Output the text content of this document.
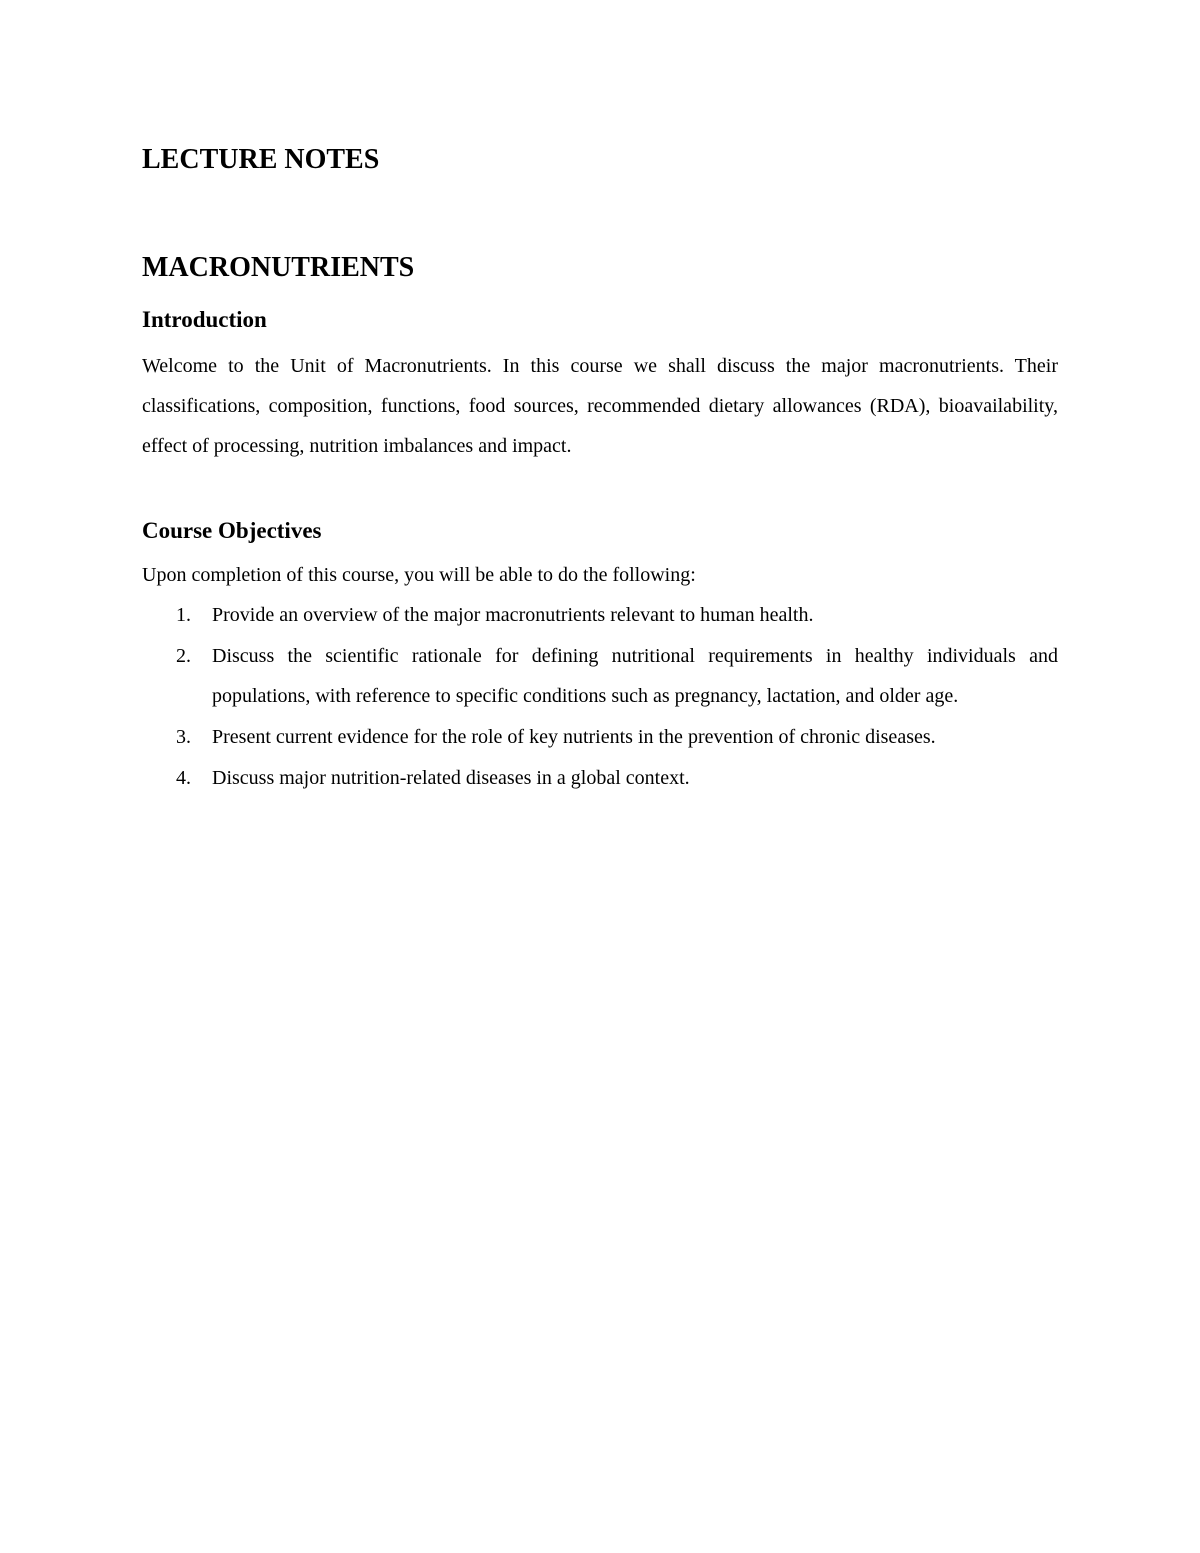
LECTURE NOTES
MACRONUTRIENTS
Introduction

Welcome to the Unit of Macronutrients. In this course we shall discuss the major macronutrients. Their classifications, composition, functions, food sources, recommended dietary allowances (RDA), bioavailability, effect of processing, nutrition imbalances and impact.

Course Objectives

Upon completion of this course, you will be able to do the following:

1. Provide an overview of the major macronutrients relevant to human health.
2. Discuss the scientific rationale for defining nutritional requirements in healthy individuals and populations, with reference to specific conditions such as pregnancy, lactation, and older age.
3. Present current evidence for the role of key nutrients in the prevention of chronic diseases.
4. Discuss major nutrition-related diseases in a global context.
